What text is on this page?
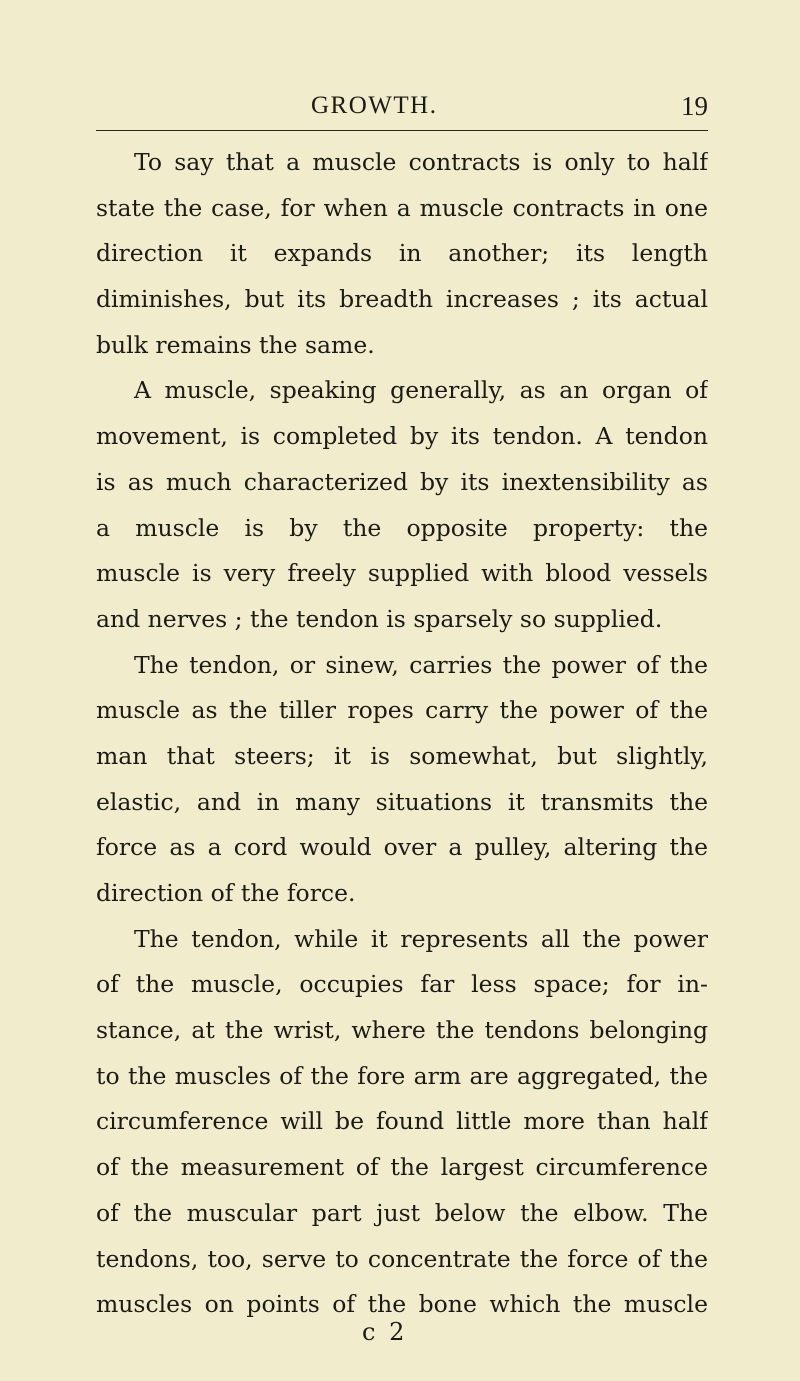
GROWTH.	19
To say that a muscle contracts is only to half
state the case, for when a muscle contracts in one
direction it expands in another; its length
diminishes, but its breadth increases ; its actual
bulk remains the same.
A muscle, speaking generally, as an organ of
movement, is completed by its tendon. A tendon
is as much characterized by its inextensibility as
a muscle is by the opposite property: the
muscle is very freely supplied with blood vessels
and nerves ; the tendon is sparsely so supplied.
The tendon, or sinew, carries the power of the
muscle as the tiller ropes carry the power of the
man that steers; it is somewhat, but slightly,
elastic, and in many situations it transmits the
force as a cord would over a pulley, altering the
direction of the force.
The tendon, while it represents all the power
of the muscle, occupies far less space; for in-
stance, at the wrist, where the tendons belonging
to the muscles of the fore arm are aggregated, the
circumference will be found little more than half
of the measurement of the largest circumference
of the muscular part just below the elbow. The
tendons, too, serve to concentrate the force of the
muscles on points of the bone which the muscle
c 2
